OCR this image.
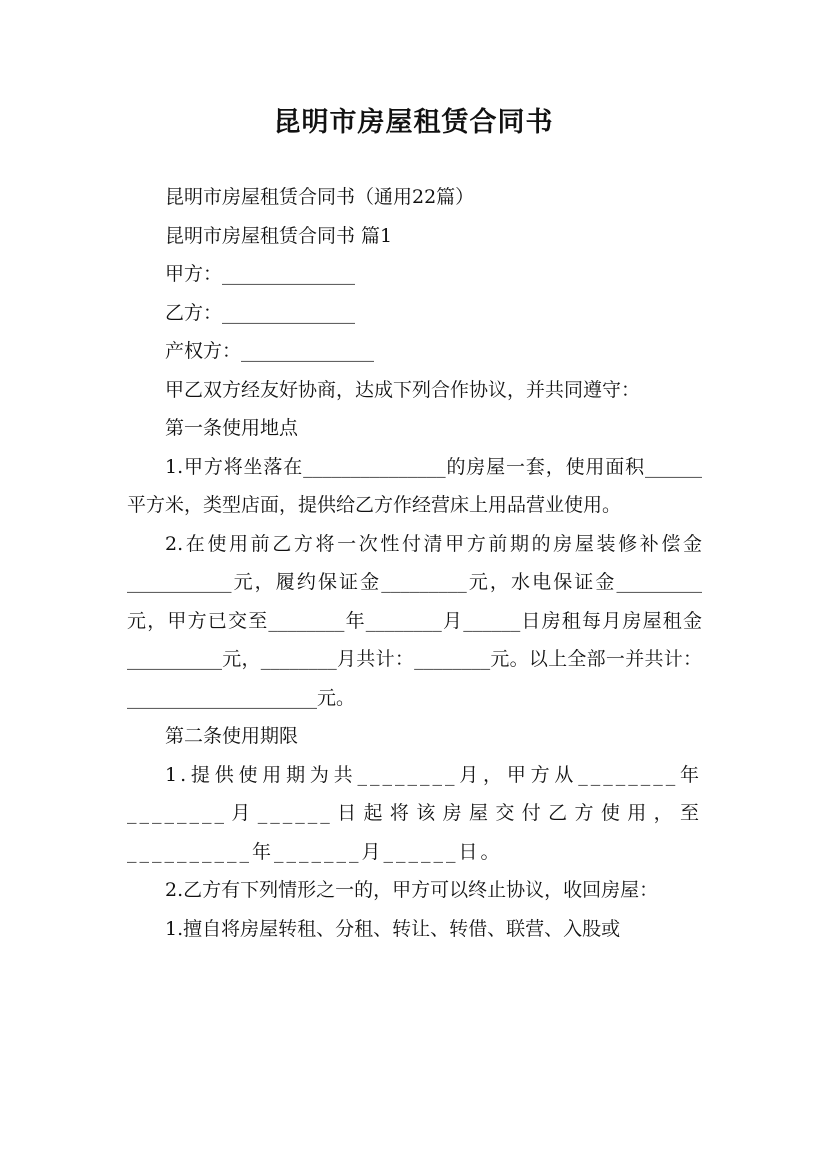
昆明市房屋租赁合同书

昆明市房屋租赁合同书（通用22篇）

昆明市房屋租赁合同书 篇1

甲方：______________

乙方：______________

产权方：______________

甲乙双方经友好协商，达成下列合作协议，并共同遵守：

第一条使用地点

1.甲方将坐落在_______________的房屋一套，使用面积______平方米，类型店面，提供给乙方作经营床上用品营业使用。

2.在使用前乙方将一次性付清甲方前期的房屋装修补偿金___________元，履约保证金_________元，水电保证金_________元，甲方已交至________年________月______日房租每月房屋租金__________元，________月共计：________元。以上全部一并共计：____________________元。

第二条使用期限

1.提供使用期为共________月，甲方从________年________月______日起将该房屋交付乙方使用，至__________年_______月______日。

2.乙方有下列情形之一的，甲方可以终止协议，收回房屋：

1.擅自将房屋转租、分租、转让、转借、联营、入股或
